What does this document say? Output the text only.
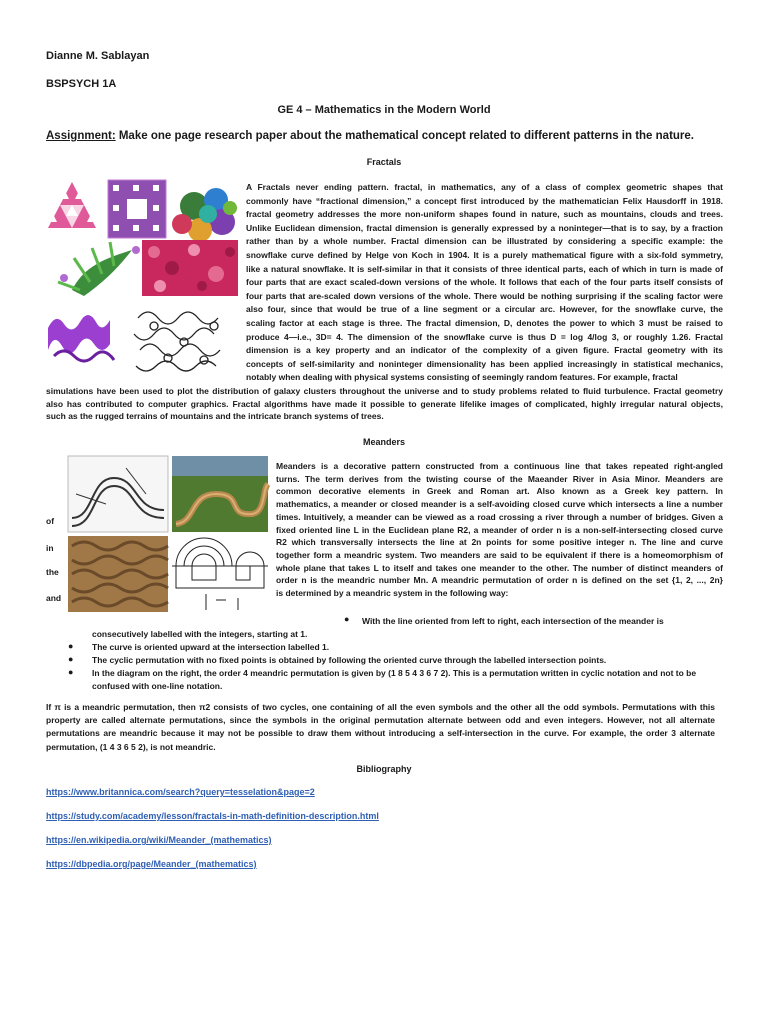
Dianne M. Sablayan
BSPSYCH 1A
GE 4 – Mathematics in the Modern World
Assignment: Make one page research paper about the mathematical concept related to different patterns in the nature.
Fractals
A Fractals never ending pattern. fractal, in mathematics, any of a class of complex geometric shapes that
commonly have “fractional dimension,” a concept first introduced by the mathematician Felix Hausdorff in 1918.
fractal geometry addresses the more non-uniform shapes found in nature, such as mountains, clouds and trees.
Unlike Euclidean dimension, fractal dimension is generally expressed by a noninteger—that is to say, by a fraction
rather than by a whole number. Fractal dimension can be illustrated by considering a specific example: the
snowflake curve defined by Helge von Koch in 1904. It is a purely mathematical figure with a six-fold symmetry,
like a natural snowflake. It is self-similar in that it consists of three identical parts, each of which in turn is made of
four parts that are exact scaled-down versions of the whole. It follows that each of the four parts itself consists of
four parts that are-scaled down versions of the whole. There would be nothing surprising if the scaling factor were
also four, since that would be true of a line segment or a circular arc. However, for the snowflake curve, the
scaling factor at each stage is three. The fractal dimension, D, denotes the power to which 3 must be raised to
produce 4—i.e., 3D= 4. The dimension of the snowflake curve is thus D = log 4/log 3, or roughly 1.26. Fractal
dimension is a key property and an indicator of the complexity of a given figure. Fractal geometry with its
concepts of self-similarity and noninteger dimensionality has been applied increasingly in statistical mechanics,
notably when dealing with physical systems consisting of seemingly random features. For example, fractal
simulations have been used to plot the distribution of galaxy clusters throughout the universe and to study problems related to fluid turbulence. Fractal geometry
also has contributed to computer graphics. Fractal algorithms have made it possible to generate lifelike images of complicated, highly irregular natural objects,
such as the rugged terrains of mountains and the intricate branch systems of trees.
Meanders
Meanders is a decorative pattern constructed from a continuous line that takes repeated right-angled
turns. The term derives from the twisting course of the Maeander River in Asia Minor. Meanders are
common decorative elements in Greek and Roman art. Also known as a Greek key pattern. In
mathematics, a meander or closed meander is a self-avoiding closed curve which intersects a line a number
times. Intuitively, a meander can be viewed as a road crossing a river through a number of bridges. Given a
fixed oriented line L in the Euclidean plane R2, a meander of order n is a non-self-intersecting closed curve
R2 which transversally intersects the line at 2n points for some positive integer n. The line and curve
together form a meandric system. Two meanders are said to be equivalent if there is a homeomorphism of
whole plane that takes L to itself and takes one meander to the other. The number of distinct meanders of
order n is the meandric number Mn. A meandric permutation of order n is defined on the set {1, 2, ..., 2n}
is determined by a meandric system in the following way:
of
in
the
and
● With the line oriented from left to right, each intersection of the meander is
consecutively labelled with the integers, starting at 1.
● The curve is oriented upward at the intersection labelled 1.
● The cyclic permutation with no fixed points is obtained by following the oriented curve through the labelled intersection points.
● In the diagram on the right, the order 4 meandric permutation is given by (1 8 5 4 3 6 7 2). This is a permutation written in cyclic notation and not to be
confused with one-line notation.
If π is a meandric permutation, then π2 consists of two cycles, one containing of all the even symbols and the other all the odd symbols. Permutations with this
property are called alternate permutations, since the symbols in the original permutation alternate between odd and even integers. However, not all alternate
permutations are meandric because it may not be possible to draw them without introducing a self-intersection in the curve. For example, the order 3 alternate
permutation, (1 4 3 6 5 2), is not meandric.
Bibliography
https://www.britannica.com/search?query=tesselation&page=2
https://study.com/academy/lesson/fractals-in-math-definition-description.html
https://en.wikipedia.org/wiki/Meander_(mathematics)
https://dbpedia.org/page/Meander_(mathematics)
